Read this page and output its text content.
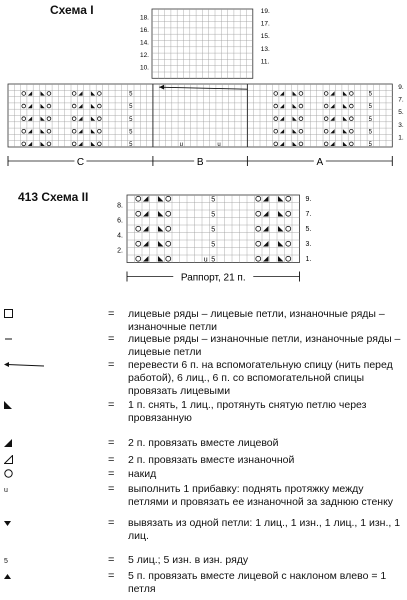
Схема I
18.
16.
14.
12.
10.
19.
17.
15.
13.
11.
5	5
5	5
5	5
5	5
5	5
u	u
9.
7.
5.
3.
1.
C	B	A
413 Схема II
5
5
5
5
5
u
8.
6.
4.
2.
9.
7.
5.
3.
1.
Раппорт, 21 п.
= лицевые ряды – лицевые петли, изнаночные ряды – изнаночные петли
= лицевые ряды – изнаночные петли, изнаночные ряды – лицевые петли
= перевести 6 п. на вспомогательную спицу (нить перед работой), 6 лиц., 6 п. со вспомогательной спицы провязать лицевыми
= 1 п. снять, 1 лиц., протянуть снятую петлю через провязанную
= 2 п. провязать вместе лицевой
= 2 п. провязать вместе изнаночной
= накид
u	= выполнить 1 прибавку: поднять протяжку между петлями и провязать ее изнаночной за заднюю стенку
= вывязать из одной петли: 1 лиц., 1 изн., 1 лиц., 1 изн., 1 лиц.
5	= 5 лиц.; 5 изн. в изн. ряду
= 5 п. провязать вместе лицевой с наклоном влево = 1 петля
